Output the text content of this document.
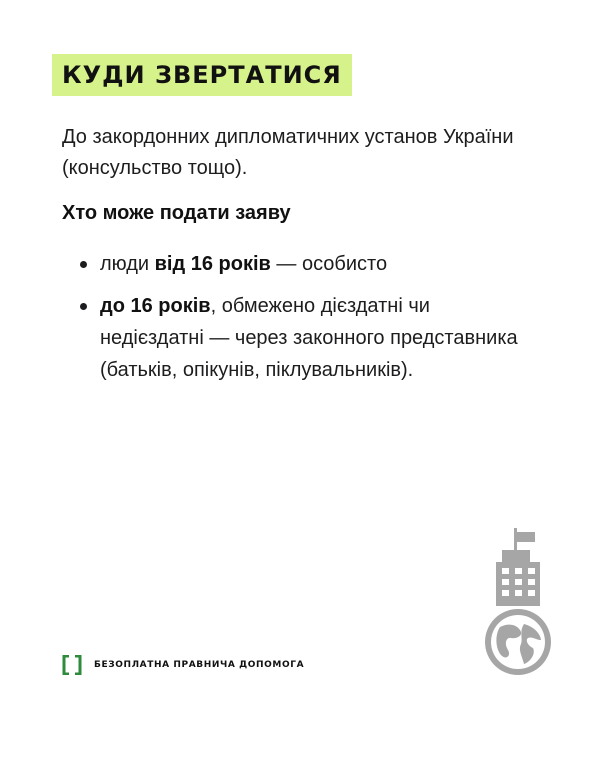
КУДИ ЗВЕРТАТИСЯ
До закордонних дипломатичних установ України (консульство тощо).
Хто може подати заяву
люди від 16 років — особисто
до 16 років, обмежено дієздатні чи недієздатні — через законного представника (батьків, опікунів, піклувальників).
БЕЗОПЛАТНА ПРАВНИЧА ДОПОМОГА
